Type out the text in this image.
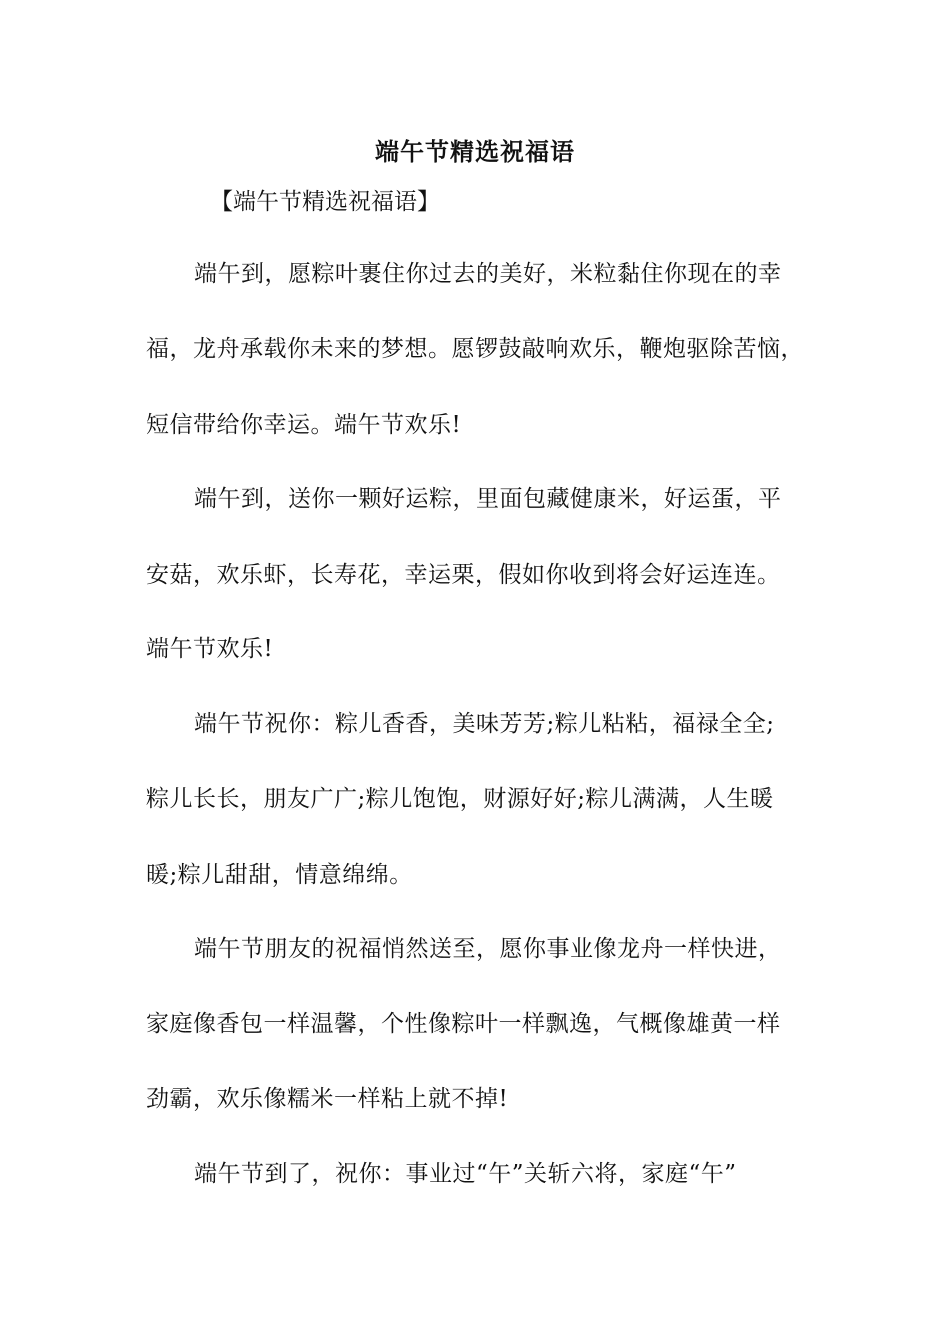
端午节精选祝福语
【端午节精选祝福语】
端午到，愿粽叶裹住你过去的美好，米粒黏住你现在的幸
福，龙舟承载你未来的梦想。愿锣鼓敲响欢乐，鞭炮驱除苦恼，
短信带给你幸运。端午节欢乐!
端午到，送你一颗好运粽，里面包藏健康米，好运蛋，平
安菇，欢乐虾，长寿花，幸运栗，假如你收到将会好运连连。
端午节欢乐!
端午节祝你：粽儿香香，美味芳芳;粽儿粘粘，福禄全全;
粽儿长长，朋友广广;粽儿饱饱，财源好好;粽儿满满，人生暖
暖;粽儿甜甜，情意绵绵。
端午节朋友的祝福悄然送至，愿你事业像龙舟一样快进，
家庭像香包一样温馨，个性像粽叶一样飘逸，气概像雄黄一样
劲霸，欢乐像糯米一样粘上就不掉!
端午节到了，祝你：事业过“午”关斩六将，家庭“午”
